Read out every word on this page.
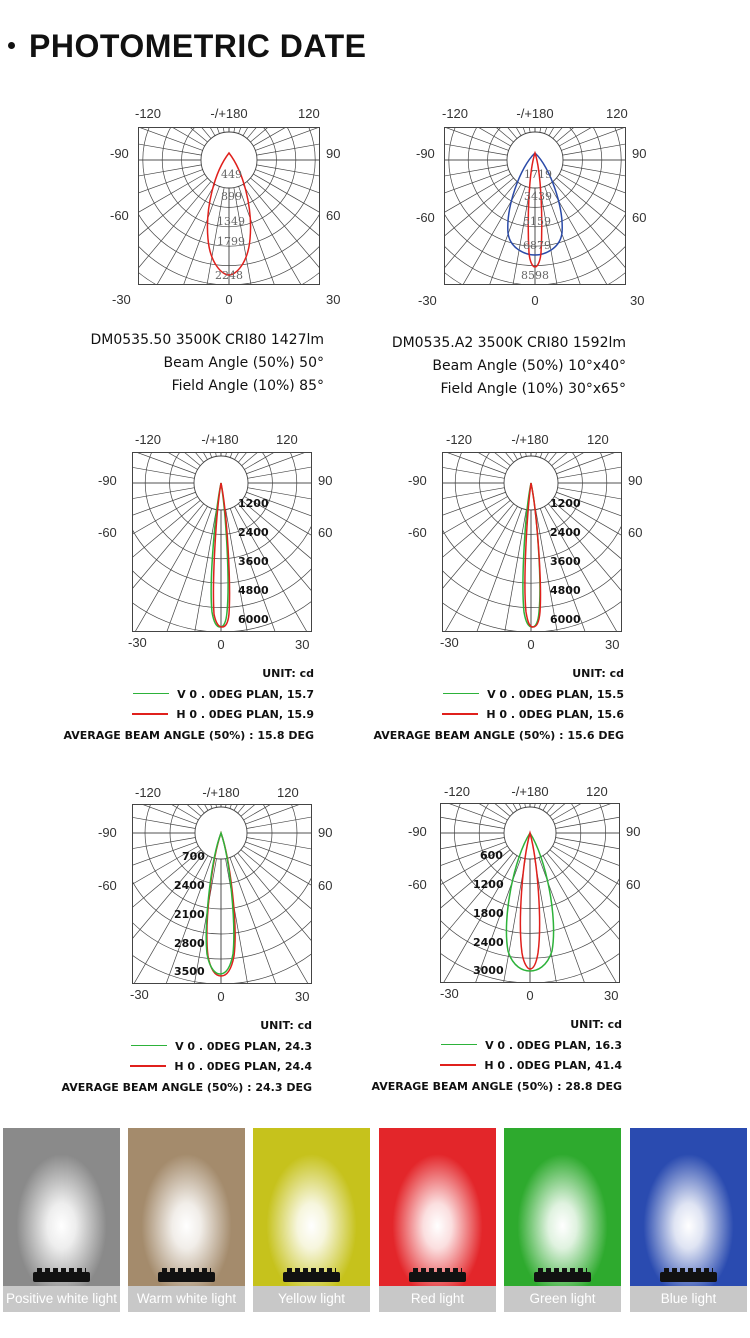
PHOTOMETRIC DATE
449
899
1349
1799
2248
-120	-/+180	120
-90	90
-60	60
-30	0	30
DM0535.50 3500K CRI80 1427lm
Beam Angle (50%) 50°
Field Angle (10%) 85°
1719
3439
5159
6879
8598
-120	-/+180	120
-90	90
-60	60
-30	0	30
DM0535.A2 3500K CRI80 1592lm
Beam Angle (50%) 10°x40°
Field Angle (10%) 30°x65°
1200
2400
3600
4800
6000
-120	-/+180	120
-90	90
-60	60
-30	0	30
UNIT: cd
V 0 . 0DEG PLAN, 15.7
H 0 . 0DEG PLAN, 15.9
AVERAGE BEAM ANGLE (50%) : 15.8 DEG
1200
2400
3600
4800
6000
-120	-/+180	120
-90	90
-60	60
-30	0	30
UNIT: cd
V 0 . 0DEG PLAN, 15.5
H 0 . 0DEG PLAN, 15.6
AVERAGE BEAM ANGLE (50%) : 15.6 DEG
700
2400
2100
2800
3500
-120	-/+180	120
-90	90
-60	60
-30	0	30
UNIT: cd
V 0 . 0DEG PLAN, 24.3
H 0 . 0DEG PLAN, 24.4
AVERAGE BEAM ANGLE (50%) : 24.3 DEG
600
1200
1800
2400
3000
-120	-/+180	120
-90	90
-60	60
-30	0	30
UNIT: cd
V 0 . 0DEG PLAN, 16.3
H 0 . 0DEG PLAN, 41.4
AVERAGE BEAM ANGLE (50%) : 28.8 DEG
Positive white light	Warm white light	Yellow light	Red light	Green light	Blue light
